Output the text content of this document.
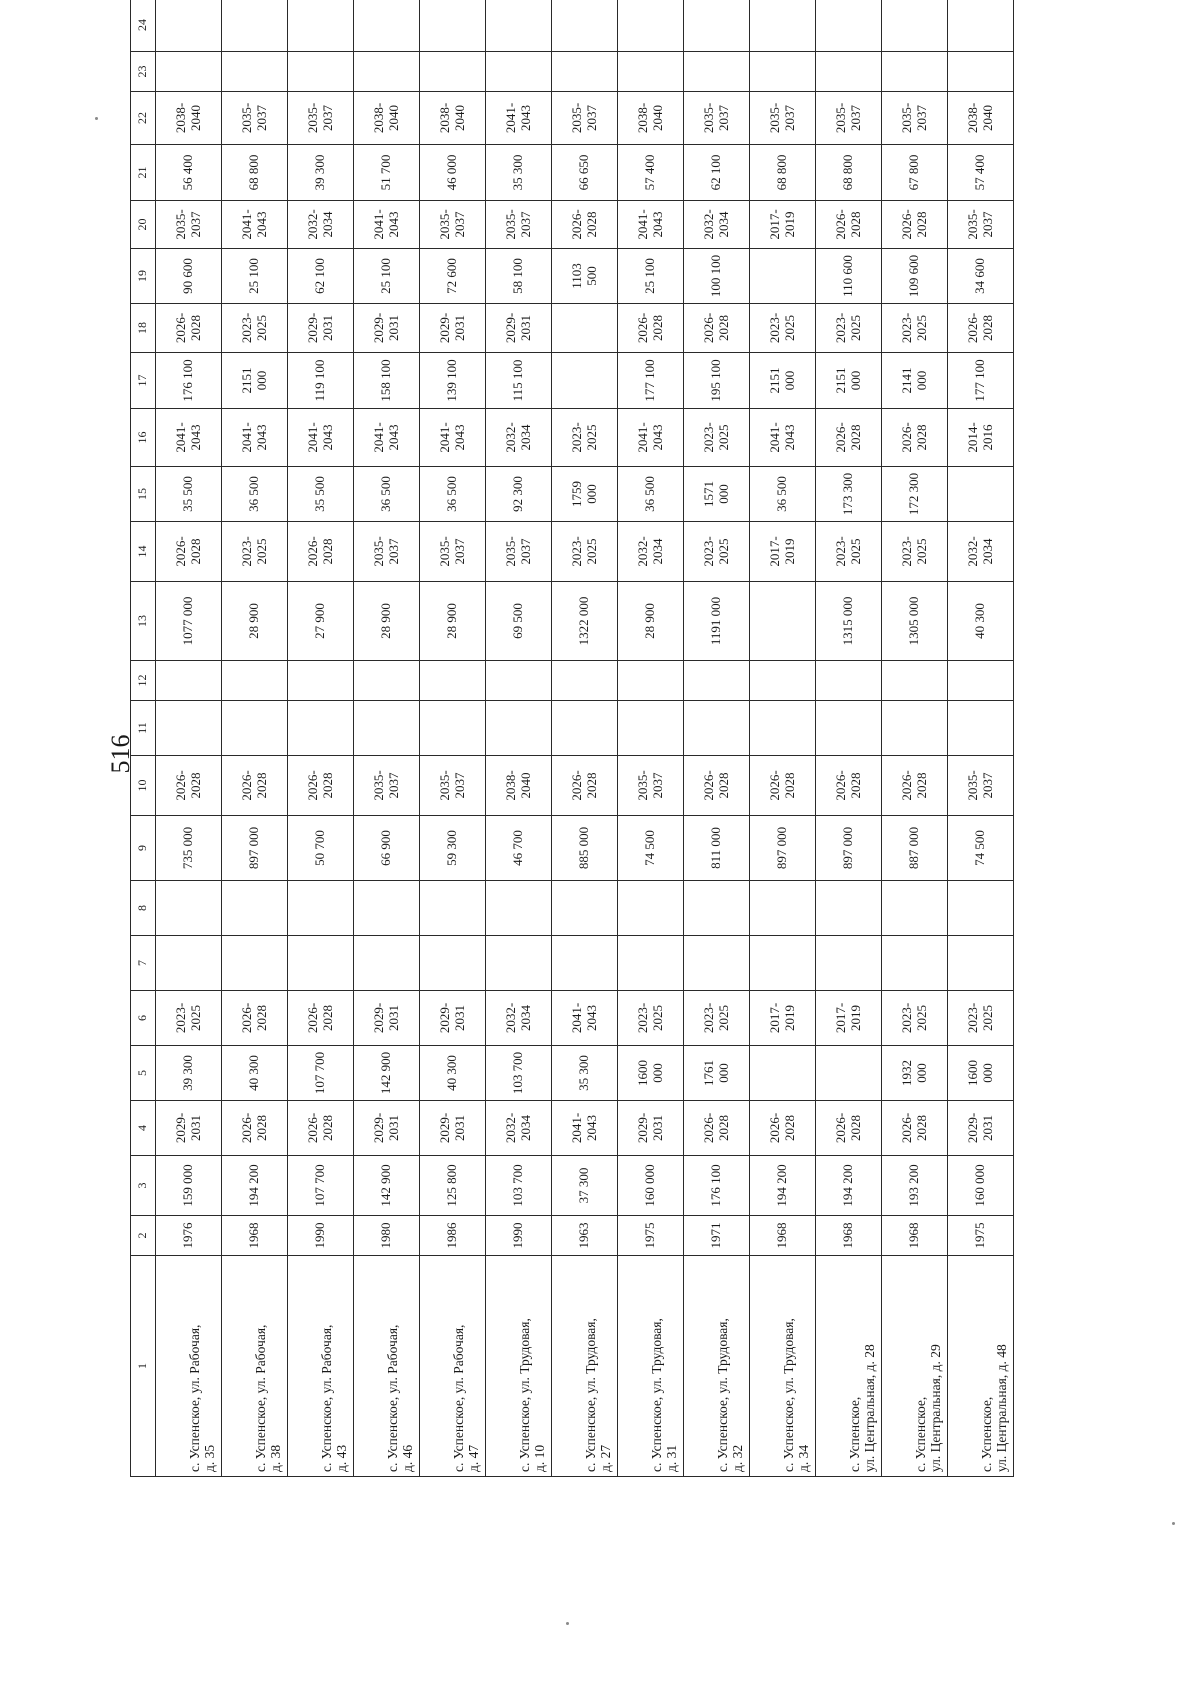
516
1	2	3	4	5	6	7	8	9	10	11	12	13	14	15	16	17	18	19	20	21	22	23	24
с. Успенское, ул. Рабочая,
д. 35	1976	159 000	2029-
2031	39 300	2023-
2025			735 000	2026-
2028			1077 000	2026-
2028	35 500	2041-
2043	176 100	2026-
2028	90 600	2035-
2037	56 400	2038-
2040		
с. Успенское, ул. Рабочая,
д. 38	1968	194 200	2026-
2028	40 300	2026-
2028			897 000	2026-
2028			28 900	2023-
2025	36 500	2041-
2043	2151
000	2023-
2025	25 100	2041-
2043	68 800	2035-
2037		
с. Успенское, ул. Рабочая,
д. 43	1990	107 700	2026-
2028	107 700	2026-
2028			50 700	2026-
2028			27 900	2026-
2028	35 500	2041-
2043	119 100	2029-
2031	62 100	2032-
2034	39 300	2035-
2037		
с. Успенское, ул. Рабочая,
д. 46	1980	142 900	2029-
2031	142 900	2029-
2031			66 900	2035-
2037			28 900	2035-
2037	36 500	2041-
2043	158 100	2029-
2031	25 100	2041-
2043	51 700	2038-
2040		
с. Успенское, ул. Рабочая,
д. 47	1986	125 800	2029-
2031	40 300	2029-
2031			59 300	2035-
2037			28 900	2035-
2037	36 500	2041-
2043	139 100	2029-
2031	72 600	2035-
2037	46 000	2038-
2040		
с. Успенское, ул. Трудовая,
д. 10	1990	103 700	2032-
2034	103 700	2032-
2034			46 700	2038-
2040			69 500	2035-
2037	92 300	2032-
2034	115 100	2029-
2031	58 100	2035-
2037	35 300	2041-
2043		
с. Успенское, ул. Трудовая,
д. 27	1963	37 300	2041-
2043	35 300	2041-
2043			885 000	2026-
2028			1322 000	2023-
2025	1759
000	2023-
2025			1103
500	2026-
2028	66 650	2035-
2037		
с. Успенское, ул. Трудовая,
д. 31	1975	160 000	2029-
2031	1600
000	2023-
2025			74 500	2035-
2037			28 900	2032-
2034	36 500	2041-
2043	177 100	2026-
2028	25 100	2041-
2043	57 400	2038-
2040		
с. Успенское, ул. Трудовая,
д. 32	1971	176 100	2026-
2028	1761
000	2023-
2025			811 000	2026-
2028			1191 000	2023-
2025	1571
000	2023-
2025	195 100	2026-
2028	100 100	2032-
2034	62 100	2035-
2037		
с. Успенское, ул. Трудовая,
д. 34	1968	194 200	2026-
2028		2017-
2019			897 000	2026-
2028				2017-
2019	36 500	2041-
2043	2151
000	2023-
2025		2017-
2019	68 800	2035-
2037		
с. Успенское,
ул. Центральная, д. 28	1968	194 200	2026-
2028		2017-
2019			897 000	2026-
2028			1315 000	2023-
2025	173 300	2026-
2028	2151
000	2023-
2025	110 600	2026-
2028	68 800	2035-
2037		
с. Успенское,
ул. Центральная, д. 29	1968	193 200	2026-
2028	1932
000	2023-
2025			887 000	2026-
2028			1305 000	2023-
2025	172 300	2026-
2028	2141
000	2023-
2025	109 600	2026-
2028	67 800	2035-
2037		
с. Успенское,
ул. Центральная, д. 48	1975	160 000	2029-
2031	1600
000	2023-
2025			74 500	2035-
2037			40 300	2032-
2034		2014-
2016	177 100	2026-
2028	34 600	2035-
2037	57 400	2038-
2040		
